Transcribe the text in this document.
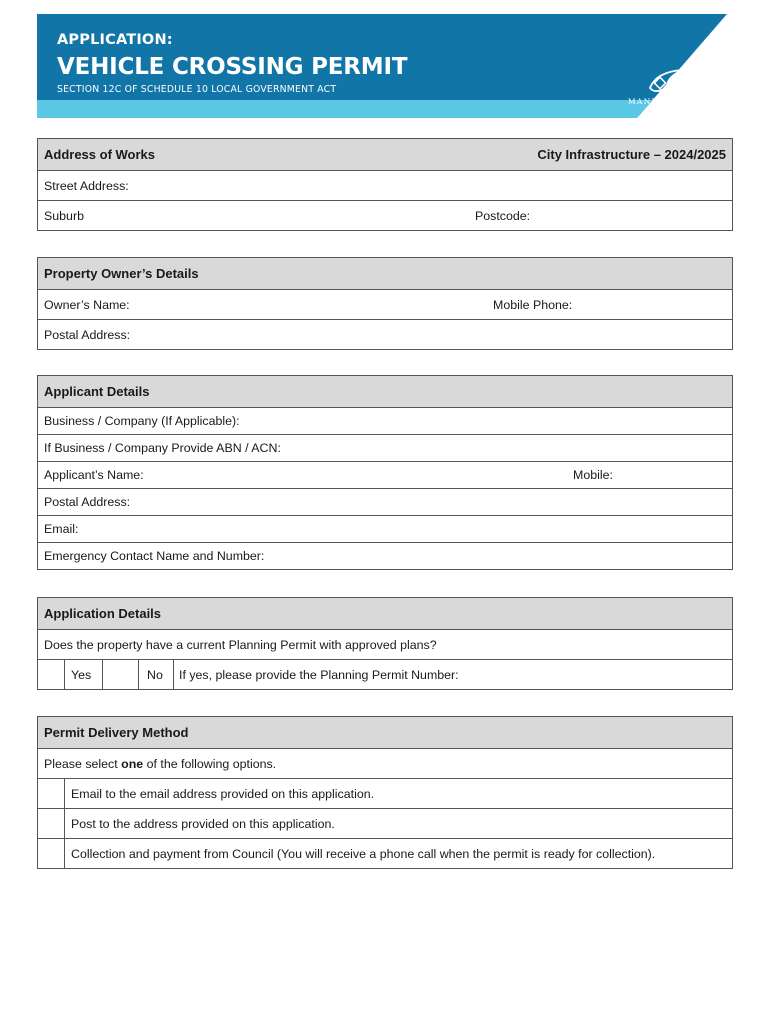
APPLICATION:
VEHICLE CROSSING PERMIT
SECTION 12C OF SCHEDULE 10 LOCAL GOVERNMENT ACT
MANNINGHAM
Address of Works	City Infrastructure – 2024/2025
Street Address:
Suburb	Postcode:
Property Owner’s Details
Owner’s Name:	Mobile Phone:
Postal Address:
Applicant Details
Business / Company (If Applicable):
If Business / Company Provide ABN / ACN:
Applicant’s Name:	Mobile:
Postal Address:
Email:
Emergency Contact Name and Number:
Application Details
Does the property have a current Planning Permit with approved plans?
Yes	No	If yes, please provide the Planning Permit Number:
Permit Delivery Method
Please select one of the following options.
Email to the email address provided on this application.
Post to the address provided on this application.
Collection and payment from Council (You will receive a phone call when the permit is ready for collection).
